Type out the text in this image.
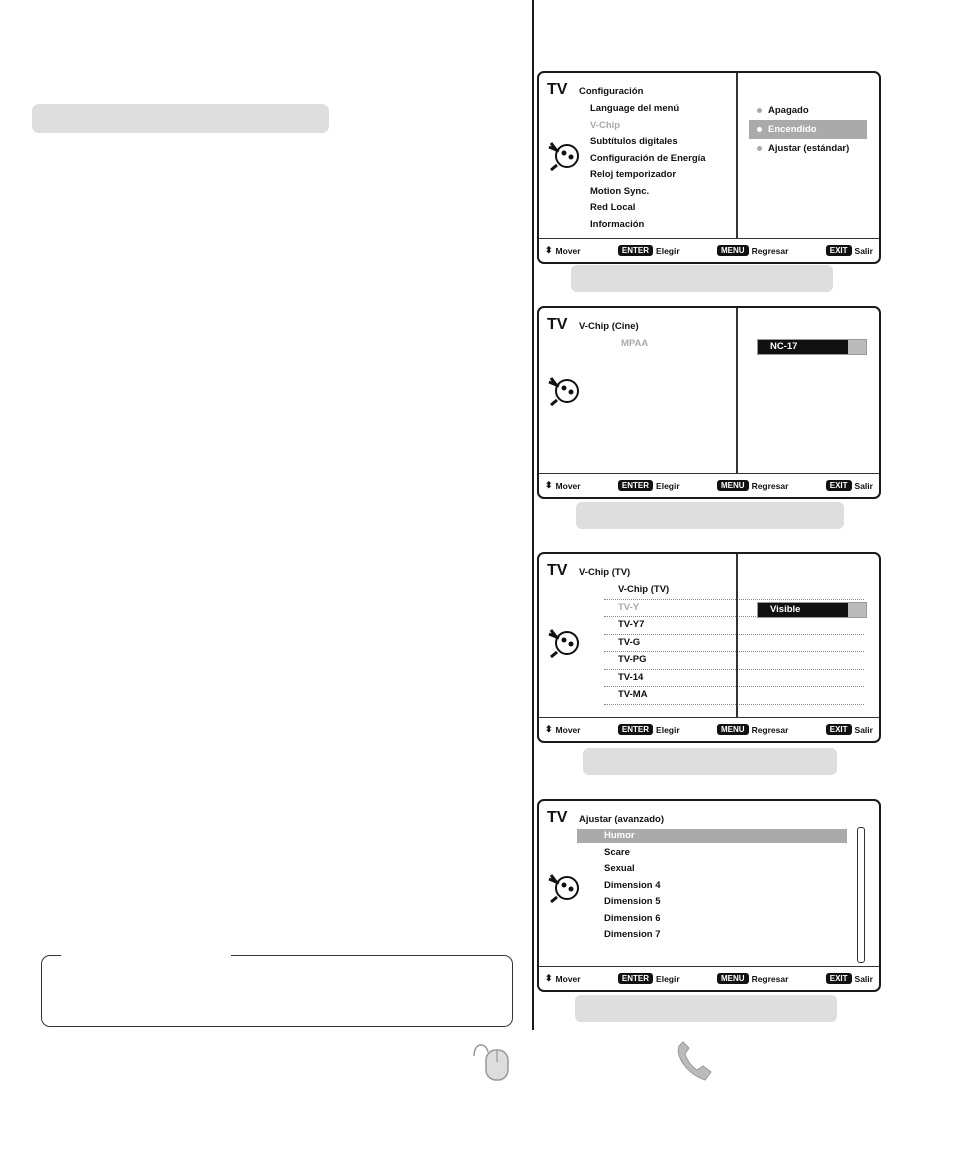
TV Configuración
Language del menú
V-Chip
Subtítulos digitales
Configuración de Energía
Reloj temporizador
Motion Sync.
Red Local
Información
Apagado
Encendido
Ajustar (estándar)
⬍ Mover	ENTER Elegir	MENU Regresar	EXIT Salir
TV V-Chip (Cine)
MPAA	NC-17
⬍ Mover	ENTER Elegir	MENU Regresar	EXIT Salir
TV V-Chip (TV)
V-Chip (TV)
TV-Y
TV-Y7
TV-G
TV-PG
TV-14
TV-MA
Visible
⬍ Mover	ENTER Elegir	MENU Regresar	EXIT Salir
TV Ajustar (avanzado)
Humor
Scare
Sexual
Dimension 4
Dimension 5
Dimension 6
Dimension 7
⬍ Mover	ENTER Elegir	MENU Regresar	EXIT Salir
